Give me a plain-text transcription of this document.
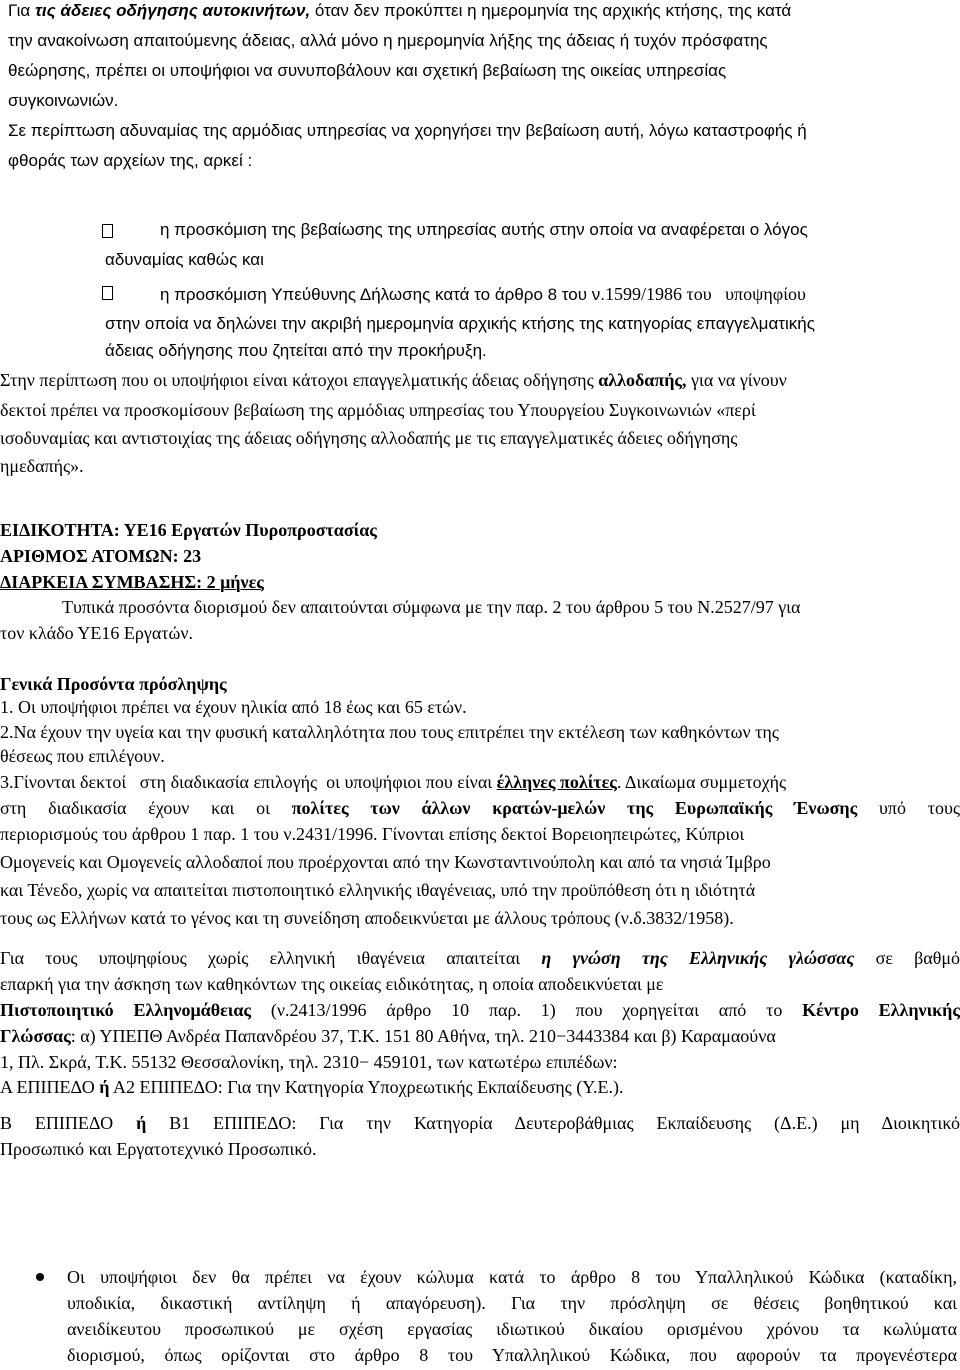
Για τις άδειες οδήγησης αυτοκινήτων, όταν δεν προκύπτει η ημερομηνία της αρχικής κτήσης, της κατά

την ανακοίνωση απαιτούμενης άδειας, αλλά μόνο η ημερομηνία λήξης της άδειας ή τυχόν πρόσφατης

θεώρησης, πρέπει οι υποψήφιοι να συνυποβάλουν και σχετική βεβαίωση της οικείας υπηρεσίας

συγκοινωνιών.

Σε περίπτωση αδυναμίας της αρμόδιας υπηρεσίας να χορηγήσει την βεβαίωση αυτή, λόγω καταστροφής ή

φθοράς των αρχείων της, αρκεί :

η προσκόμιση της βεβαίωσης της υπηρεσίας αυτής στην οποία να αναφέρεται ο λόγος

αδυναμίας καθώς και

η προσκόμιση Υπεύθυνης Δήλωσης κατά το άρθρο 8 του ν.1599/1986 του   υποψηφίου

στην οποία να δηλώνει την ακριβή ημερομηνία αρχικής κτήσης της κατηγορίας επαγγελματικής

άδειας οδήγησης που ζητείται από την προκήρυξη.

Στην περίπτωση που οι υποψήφιοι είναι κάτοχοι επαγγελματικής άδειας οδήγησης αλλοδαπής, για να γίνουν

δεκτοί πρέπει να προσκομίσουν βεβαίωση της αρμόδιας υπηρεσίας του Υπουργείου Συγκοινωνιών «περί

ισοδυναμίας και αντιστοιχίας της άδειας οδήγησης αλλοδαπής με τις επαγγελματικές άδειες οδήγησης

ημεδαπής».

ΕΙΔΙΚΟΤΗΤΑ: ΥΕ16 Εργατών Πυροπροστασίας

ΑΡΙΘΜΟΣ ΑΤΟΜΩΝ: 23

ΔΙΑΡΚΕΙΑ ΣΥΜΒΑΣΗΣ: 2 μήνες

Τυπικά προσόντα διορισμού δεν απαιτούνται σύμφωνα με την παρ. 2 του άρθρου 5 του Ν.2527/97 για

τον κλάδο ΥΕ16 Εργατών.

Γενικά Προσόντα πρόσληψης

1. Οι υποψήφιοι πρέπει να έχουν ηλικία από 18 έως και 65 ετών.

2.Να έχουν την υγεία και την φυσική καταλληλότητα που τους επιτρέπει την εκτέλεση των καθηκόντων της

θέσεως που επιλέγουν.

3.Γίνονται δεκτοί   στη διαδικασία επιλογής  οι υποψήφιοι που είναι έλληνες πολίτες. Δικαίωμα συμμετοχής

στη διαδικασία έχουν και οι πολίτες των άλλων κρατών-μελών της Ευρωπαϊκής Ένωσης υπό τους

περιορισμούς του άρθρου 1 παρ. 1 του ν.2431/1996. Γίνονται επίσης δεκτοί Βορειοηπειρώτες, Κύπριοι

Ομογενείς και Ομογενείς αλλοδαποί που προέρχονται από την Κωνσταντινούπολη και από τα νησιά Ίμβρο

και Τένεδο, χωρίς να απαιτείται πιστοποιητικό ελληνικής ιθαγένειας, υπό την προϋπόθεση ότι η ιδιότητά

τους ως Ελλήνων κατά το γένος και τη συνείδηση αποδεικνύεται με άλλους τρόπους (ν.δ.3832/1958).

Για τους υποψηφίους χωρίς ελληνική ιθαγένεια απαιτείται η γνώση της Ελληνικής γλώσσας σε βαθμό

επαρκή για την άσκηση των καθηκόντων της οικείας ειδικότητας, η οποία αποδεικνύεται με

Πιστοποιητικό Ελληνομάθειας (ν.2413/1996 άρθρο 10 παρ. 1) που χορηγείται από το Κέντρο Ελληνικής

Γλώσσας: α) ΥΠΕΠΘ Ανδρέα Παπανδρέου 37, Τ.Κ. 151 80 Αθήνα, τηλ. 210−3443384 και β) Καραμαούνα

1, Πλ. Σκρά, Τ.Κ. 55132 Θεσσαλονίκη, τηλ. 2310− 459101, των κατωτέρω επιπέδων:

Α ΕΠΙΠΕΔΟ ή Α2 ΕΠΙΠΕΔΟ: Για την Κατηγορία Υποχρεωτικής Εκπαίδευσης (Υ.Ε.).

Β ΕΠΙΠΕΔΟ ή Β1 ΕΠΙΠΕΔΟ: Για την Κατηγορία Δευτεροβάθμιας Εκπαίδευσης (Δ.Ε.) μη Διοικητικό

Προσωπικό και Εργατοτεχνικό Προσωπικό.

Οι υποψήφιοι δεν θα πρέπει να έχουν κώλυμα κατά το άρθρο 8 του Υπαλληλικού Κώδικα (καταδίκη,

υποδικία, δικαστική αντίληψη ή απαγόρευση). Για την πρόσληψη σε θέσεις βοηθητικού και

ανειδίκευτου προσωπικού με σχέση εργασίας ιδιωτικού δικαίου ορισμένου χρόνου τα κωλύματα

διορισμού, όπως ορίζονται στο άρθρο 8 του Υπαλληλικού Κώδικα, που αφορούν τα προγενέστερα
